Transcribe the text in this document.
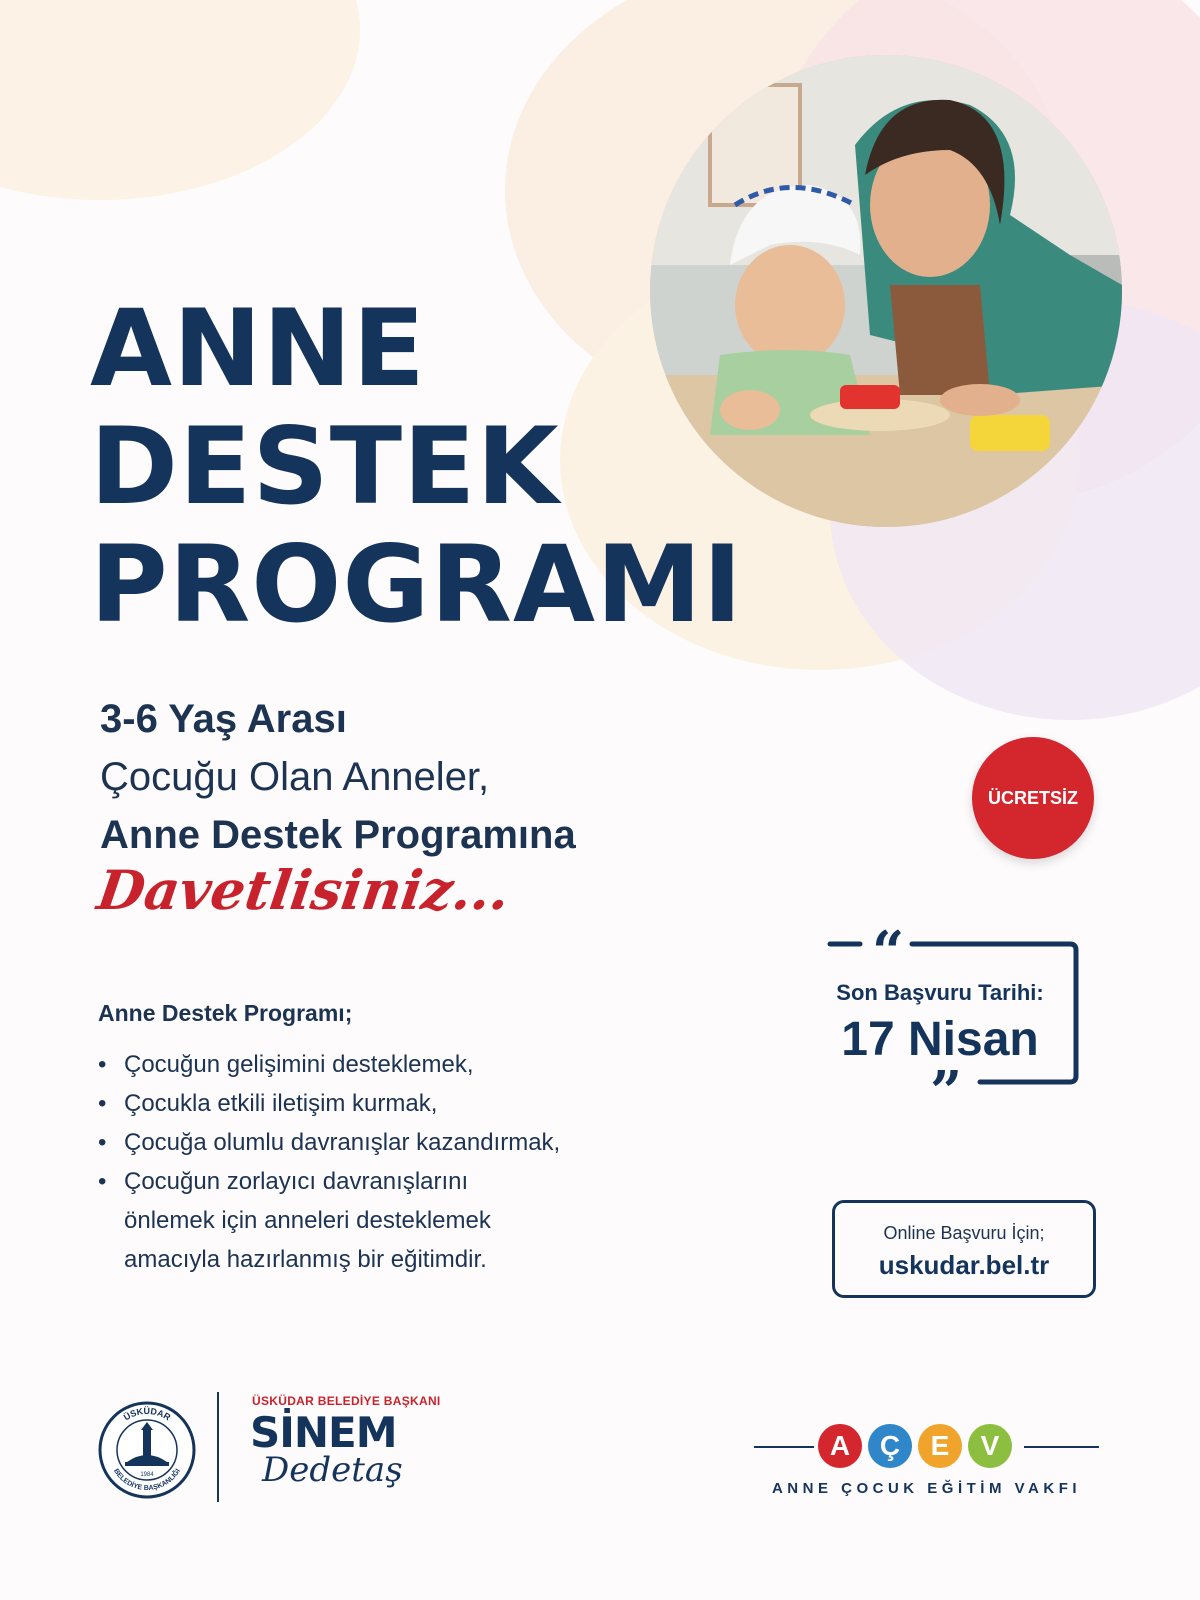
ANNE
DESTEK
PROGRAMI
3-6 Yaş Arası
Çocuğu Olan Anneler,
Anne Destek Programına
Davetlisiniz...
ÜCRETSİZ
Anne Destek Programı;
• Çocuğun gelişimini desteklemek,
• Çocukla etkili iletişim kurmak,
• Çocuğa olumlu davranışlar kazandırmak,
• Çocuğun zorlayıcı davranışlarını önlemek için anneleri desteklemek amacıyla hazırlanmış bir eğitimdir.
“
”
Son Başvuru Tarihi:
17 Nisan
Online Başvuru İçin;
uskudar.bel.tr
ÜSKÜDAR
BELEDİYE BAŞKANLIĞI
1984
ÜSKÜDAR BELEDİYE BAŞKANI
SİNEM
Dedetaş
A	Ç	E	V
ANNE ÇOCUK EĞİTİM VAKFI
